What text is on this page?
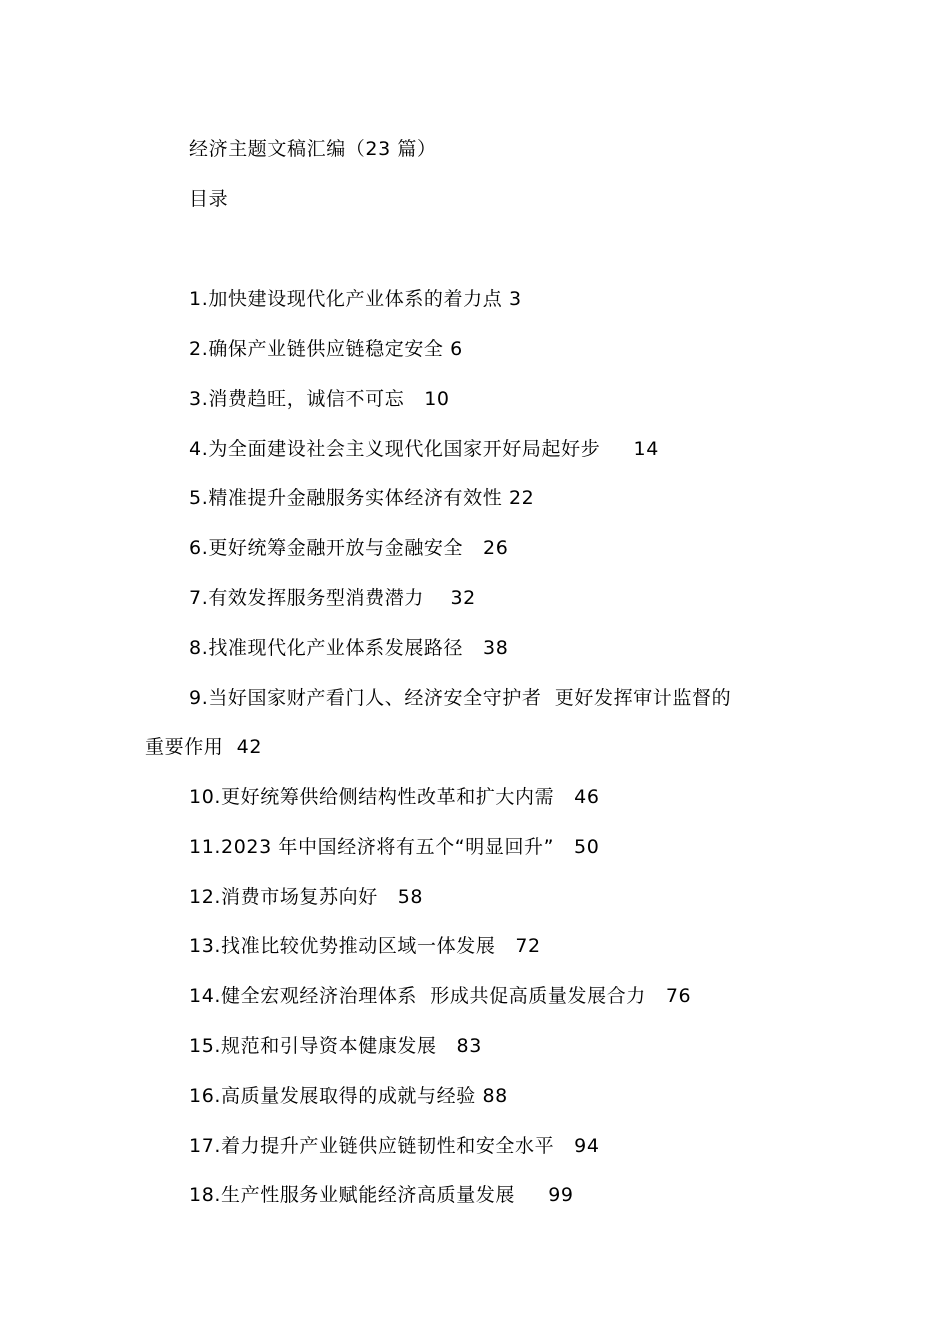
经济主题文稿汇编（23 篇）
目录
1.加快建设现代化产业体系的着力点 3
2.确保产业链供应链稳定安全 6
3.消费趋旺，诚信不可忘   10
4.为全面建设社会主义现代化国家开好局起好步     14
5.精准提升金融服务实体经济有效性 22
6.更好统筹金融开放与金融安全   26
7.有效发挥服务型消费潜力    32
8.找准现代化产业体系发展路径   38
9.当好国家财产看门人、经济安全守护者  更好发挥审计监督的
重要作用  42
10.更好统筹供给侧结构性改革和扩大内需   46
11.2023 年中国经济将有五个“明显回升”   50
12.消费市场复苏向好   58
13.找准比较优势推动区域一体发展   72
14.健全宏观经济治理体系  形成共促高质量发展合力   76
15.规范和引导资本健康发展   83
16.高质量发展取得的成就与经验 88
17.着力提升产业链供应链韧性和安全水平   94
18.生产性服务业赋能经济高质量发展     99
